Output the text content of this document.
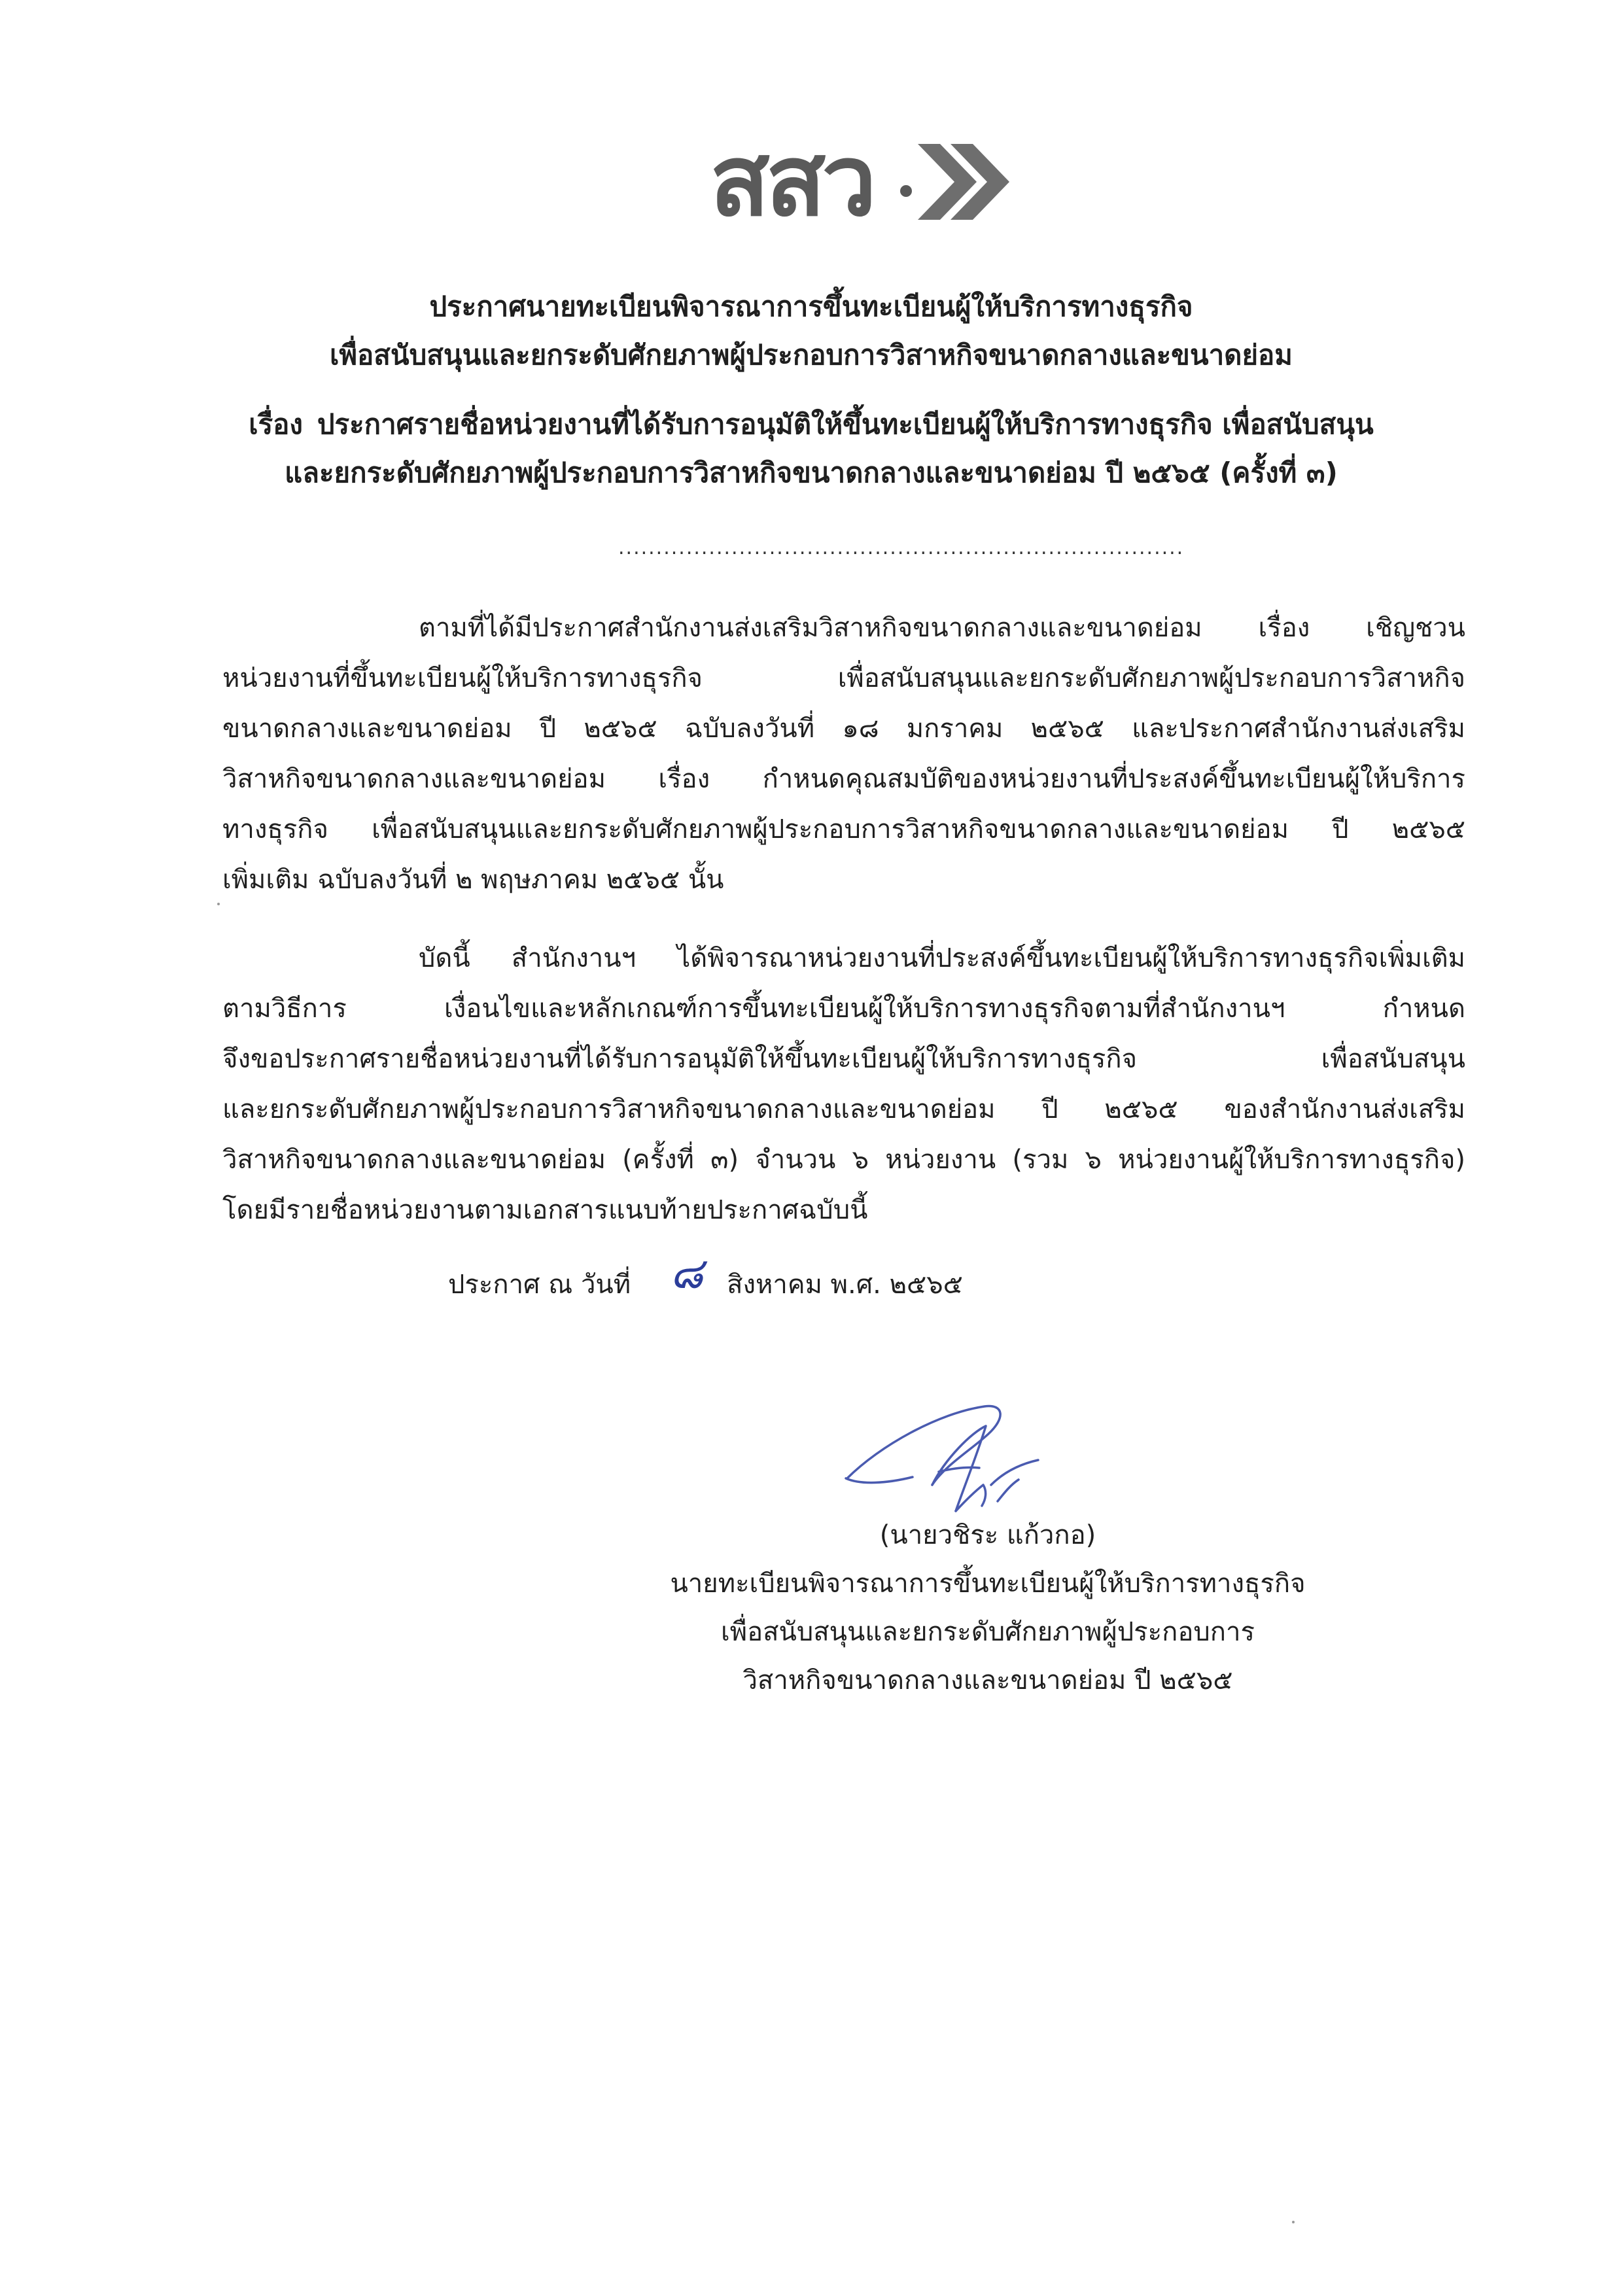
สสว
ประกาศนายทะเบียนพิจารณาการขึ้นทะเบียนผู้ให้บริการทางธุรกิจ
เพื่อสนับสนุนและยกระดับศักยภาพผู้ประกอบการวิสาหกิจขนาดกลางและขนาดย่อม
เรื่อง ประกาศรายชื่อหน่วยงานที่ได้รับการอนุมัติให้ขึ้นทะเบียนผู้ให้บริการทางธุรกิจ เพื่อสนับสนุน
และยกระดับศักยภาพผู้ประกอบการวิสาหกิจขนาดกลางและขนาดย่อม ปี ๒๕๖๕ (ครั้งที่ ๓)
...........................................................................
ตามที่ได้มีประกาศสำนักงานส่งเสริมวิสาหกิจขนาดกลางและขนาดย่อม เรื่อง เชิญชวน
หน่วยงานที่ขึ้นทะเบียนผู้ให้บริการทางธุรกิจ เพื่อสนับสนุนและยกระดับศักยภาพผู้ประกอบการวิสาหกิจ
ขนาดกลางและขนาดย่อม ปี ๒๕๖๕ ฉบับลงวันที่ ๑๘ มกราคม ๒๕๖๕ และประกาศสำนักงานส่งเสริม
วิสาหกิจขนาดกลางและขนาดย่อม เรื่อง กำหนดคุณสมบัติของหน่วยงานที่ประสงค์ขึ้นทะเบียนผู้ให้บริการ
ทางธุรกิจ เพื่อสนับสนุนและยกระดับศักยภาพผู้ประกอบการวิสาหกิจขนาดกลางและขนาดย่อม ปี ๒๕๖๕
เพิ่มเติม ฉบับลงวันที่ ๒ พฤษภาคม ๒๕๖๕ นั้น
บัดนี้ สำนักงานฯ ได้พิจารณาหน่วยงานที่ประสงค์ขึ้นทะเบียนผู้ให้บริการทางธุรกิจเพิ่มเติม
ตามวิธีการ เงื่อนไขและหลักเกณฑ์การขึ้นทะเบียนผู้ให้บริการทางธุรกิจตามที่สำนักงานฯ กำหนด
จึงขอประกาศรายชื่อหน่วยงานที่ได้รับการอนุมัติให้ขึ้นทะเบียนผู้ให้บริการทางธุรกิจ เพื่อสนับสนุน
และยกระดับศักยภาพผู้ประกอบการวิสาหกิจขนาดกลางและขนาดย่อม ปี ๒๕๖๕ ของสำนักงานส่งเสริม
วิสาหกิจขนาดกลางและขนาดย่อม (ครั้งที่ ๓) จำนวน ๖ หน่วยงาน (รวม ๖ หน่วยงานผู้ให้บริการทางธุรกิจ)
โดยมีรายชื่อหน่วยงานตามเอกสารแนบท้ายประกาศฉบับนี้
ประกาศ ณ วันที่ ๘ สิงหาคม พ.ศ. ๒๕๖๕
(นายวชิระ แก้วกอ)
นายทะเบียนพิจารณาการขึ้นทะเบียนผู้ให้บริการทางธุรกิจ
เพื่อสนับสนุนและยกระดับศักยภาพผู้ประกอบการ
วิสาหกิจขนาดกลางและขนาดย่อม ปี ๒๕๖๕
